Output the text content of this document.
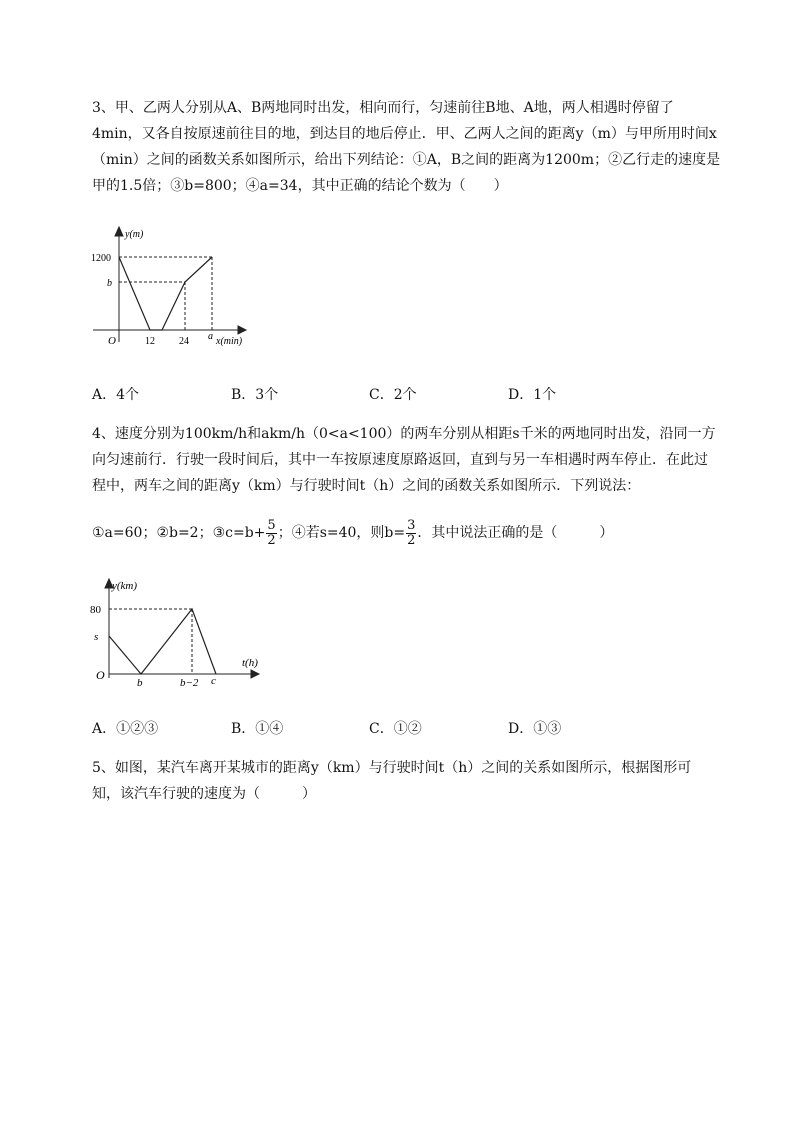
3、甲、乙两人分别从A、B两地同时出发，相向而行，匀速前往B地、A地，两人相遇时停留了
4min，又各自按原速前往目的地，到达目的地后停止．甲、乙两人之间的距离y（m）与甲所用时间x
（min）之间的函数关系如图所示，给出下列结论：①A，B之间的距离为1200m；②乙行走的速度是
甲的1.5倍；③b=800；④a=34，其中正确的结论个数为（　　）
y(m)
1200
b
O	12 24 a x(min)
A．4个	B．3个	C．2个	D．1个
4、速度分别为100km/h和akm/h（0<a<100）的两车分别从相距s千米的两地同时出发，沿同一方
向匀速前行．行驶一段时间后，其中一车按原速度原路返回，直到与另一车相遇时两车停止．在此过
程中，两车之间的距离y（km）与行驶时间t（h）之间的函数关系如图所示．下列说法：
①a=60；②b=2；③c=b+ $\frac{5}{2}$ ；④若s=40，则$b= \frac{3}{2}$ ．其中说法正确的是（　　　）
y(km)
80
s
O
b	b−2 c
t(h)
A．①②③	B．①④	C．①②	D．①③
5、如图，某汽车离开某城市的距离y（km）与行驶时间t（h）之间的关系如图所示，根据图形可
知，该汽车行驶的速度为（　　　）
